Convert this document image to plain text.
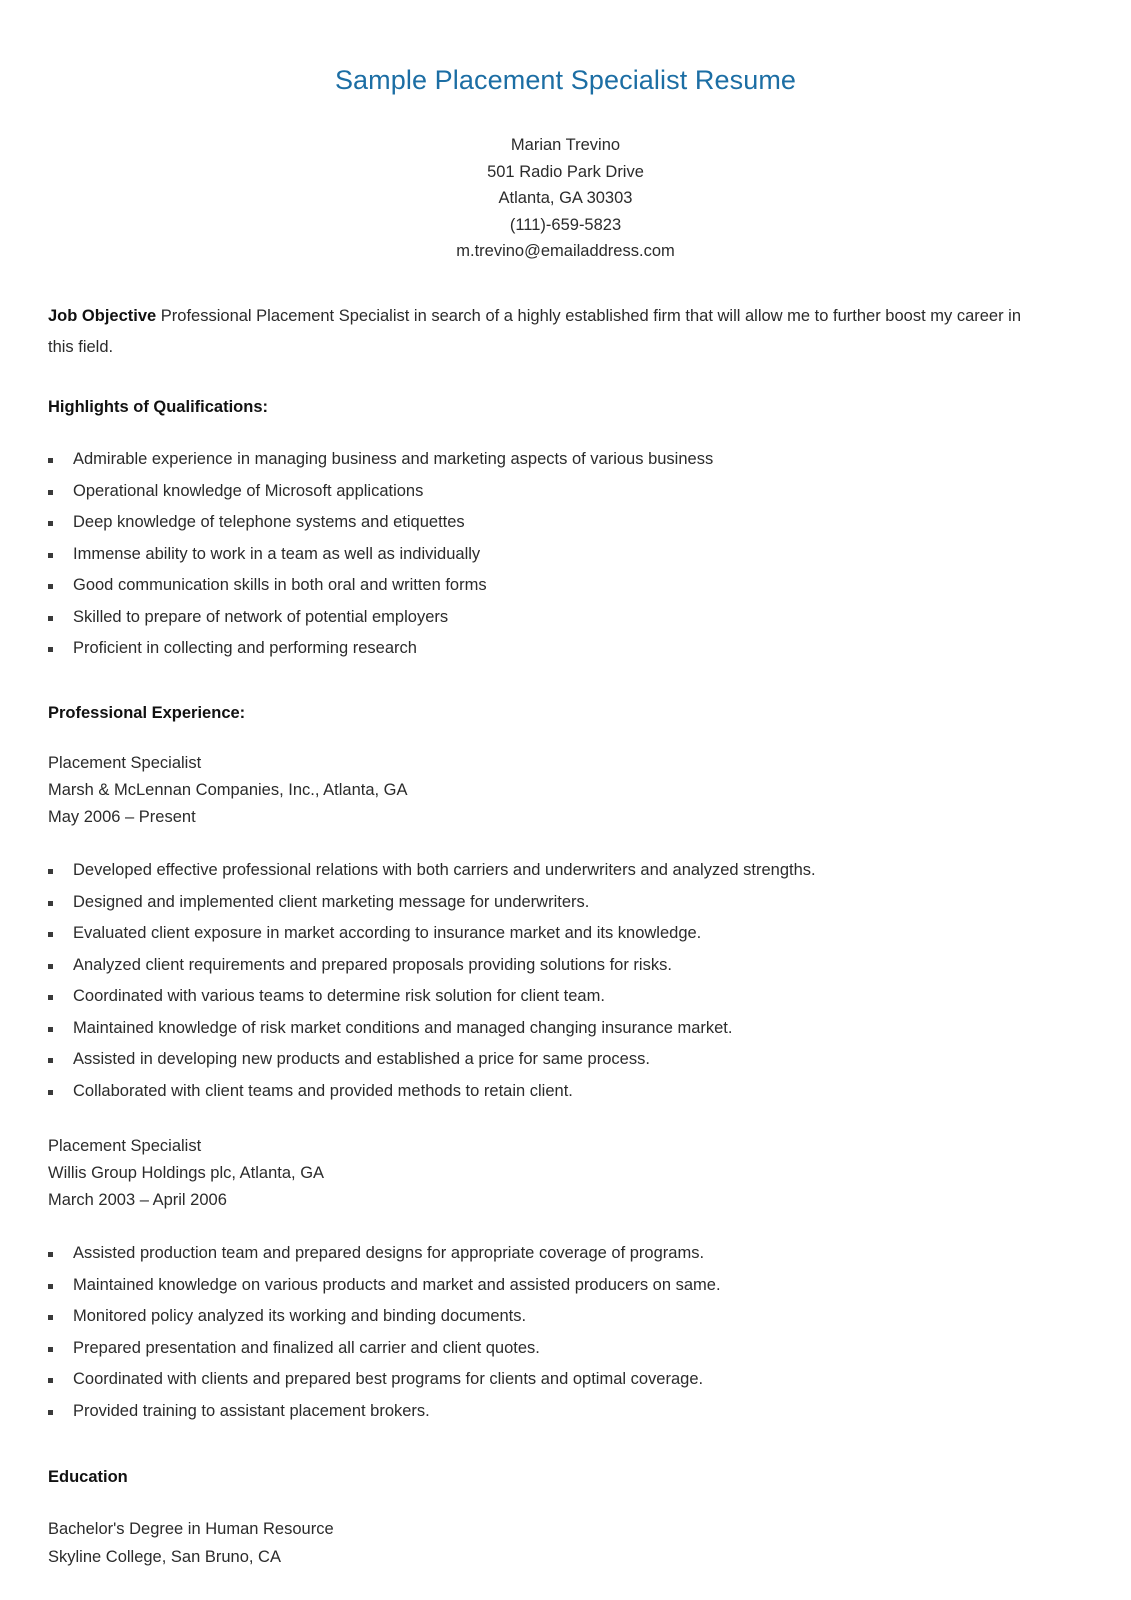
Sample Placement Specialist Resume
Marian Trevino
501 Radio Park Drive
Atlanta, GA 30303
(111)-659-5823
m.trevino@emailaddress.com

Job Objective Professional Placement Specialist in search of a highly established firm that will allow me to further boost my career in this field.

Highlights of Qualifications:
Admirable experience in managing business and marketing aspects of various business
Operational knowledge of Microsoft applications
Deep knowledge of telephone systems and etiquettes
Immense ability to work in a team as well as individually
Good communication skills in both oral and written forms
Skilled to prepare of network of potential employers
Proficient in collecting and performing research
Professional Experience:
Placement Specialist
Marsh & McLennan Companies, Inc., Atlanta, GA
May 2006 – Present
Developed effective professional relations with both carriers and underwriters and analyzed strengths.
Designed and implemented client marketing message for underwriters.
Evaluated client exposure in market according to insurance market and its knowledge.
Analyzed client requirements and prepared proposals providing solutions for risks.
Coordinated with various teams to determine risk solution for client team.
Maintained knowledge of risk market conditions and managed changing insurance market.
Assisted in developing new products and established a price for same process.
Collaborated with client teams and provided methods to retain client.
Placement Specialist
Willis Group Holdings plc, Atlanta, GA
March 2003 – April 2006
Assisted production team and prepared designs for appropriate coverage of programs.
Maintained knowledge on various products and market and assisted producers on same.
Monitored policy analyzed its working and binding documents.
Prepared presentation and finalized all carrier and client quotes.
Coordinated with clients and prepared best programs for clients and optimal coverage.
Provided training to assistant placement brokers.
Education
Bachelor's Degree in Human Resource
Skyline College, San Bruno, CA
